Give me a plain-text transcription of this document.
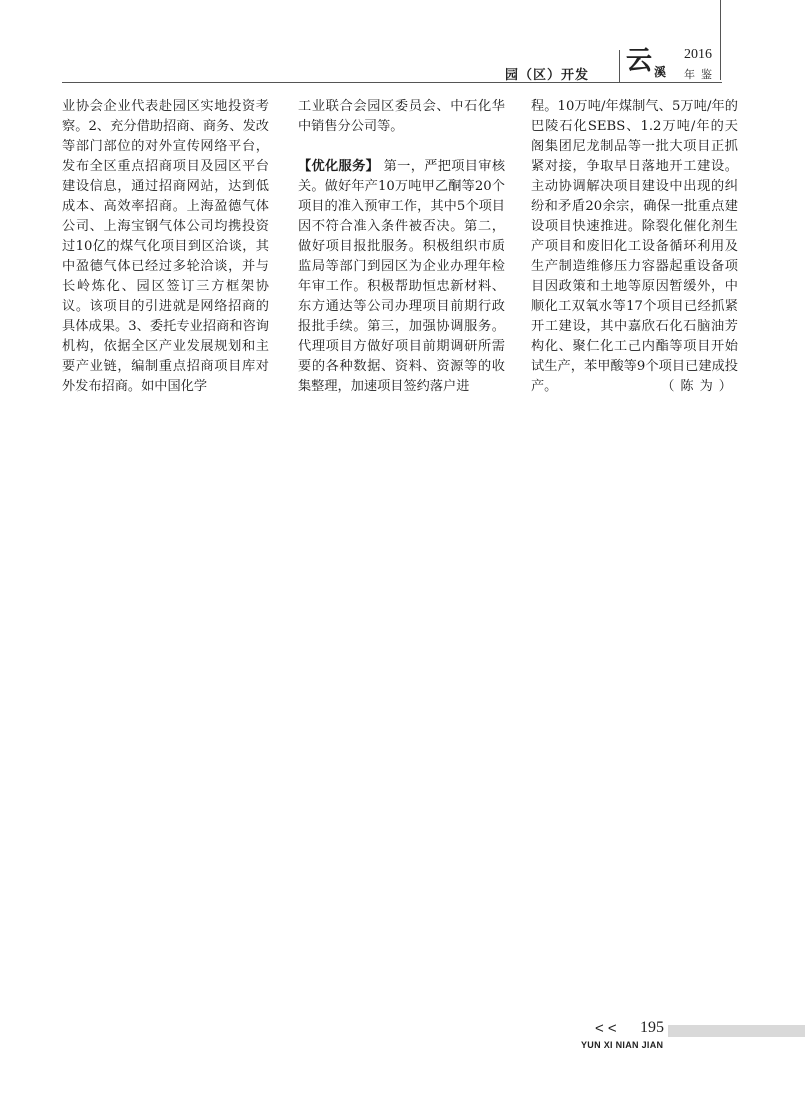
园（区）开发 云 溪
2016
年鉴

业协会企业代表赴园区实地投资考察。2、充分借助招商、商务、发改等部门部位的对外宣传网络平台，发布全区重点招商项目及园区平台建设信息，通过招商网站，达到低成本、高效率招商。上海盈德气体公司、上海宝钢气体公司均携投资过10亿的煤气化项目到区洽谈，其中盈德气体已经过多轮洽谈，并与长岭炼化、园区签订三方框架协议。该项目的引进就是网络招商的具体成果。3、委托专业招商和咨询机构，依据全区产业发展规划和主要产业链，编制重点招商项目库对外发布招商。如中国化学

工业联合会园区委员会、中石化华中销售分公司等。

【优化服务】 第一，严把项目审核关。做好年产10万吨甲乙酮等20个项目的准入预审工作，其中5个项目因不符合准入条件被否决。第二，做好项目报批服务。积极组织市质监局等部门到园区为企业办理年检年审工作。积极帮助恒忠新材料、东方通达等公司办理项目前期行政报批手续。第三，加强协调服务。代理项目方做好项目前期调研所需要的各种数据、资料、资源等的收集整理，加速项目签约落户进

程。10万吨/年煤制气、5万吨/年的巴陵石化SEBS、1.2万吨/年的天阁集团尼龙制品等一批大项目正抓紧对接，争取早日落地开工建设。主动协调解决项目建设中出现的纠纷和矛盾20余宗，确保一批重点建设项目快速推进。除裂化催化剂生产项目和废旧化工设备循环利用及生产制造维修压力容器起重设备项目因政策和土地等原因暂缓外，中顺化工双氧水等17个项目已经抓紧开工建设，其中嘉欣石化石脑油芳构化、聚仁化工己内酯等项目开始试生产，苯甲酸等9个项目已建成投产。	（陈为）

< < 195
YUN XI NIAN JIAN
